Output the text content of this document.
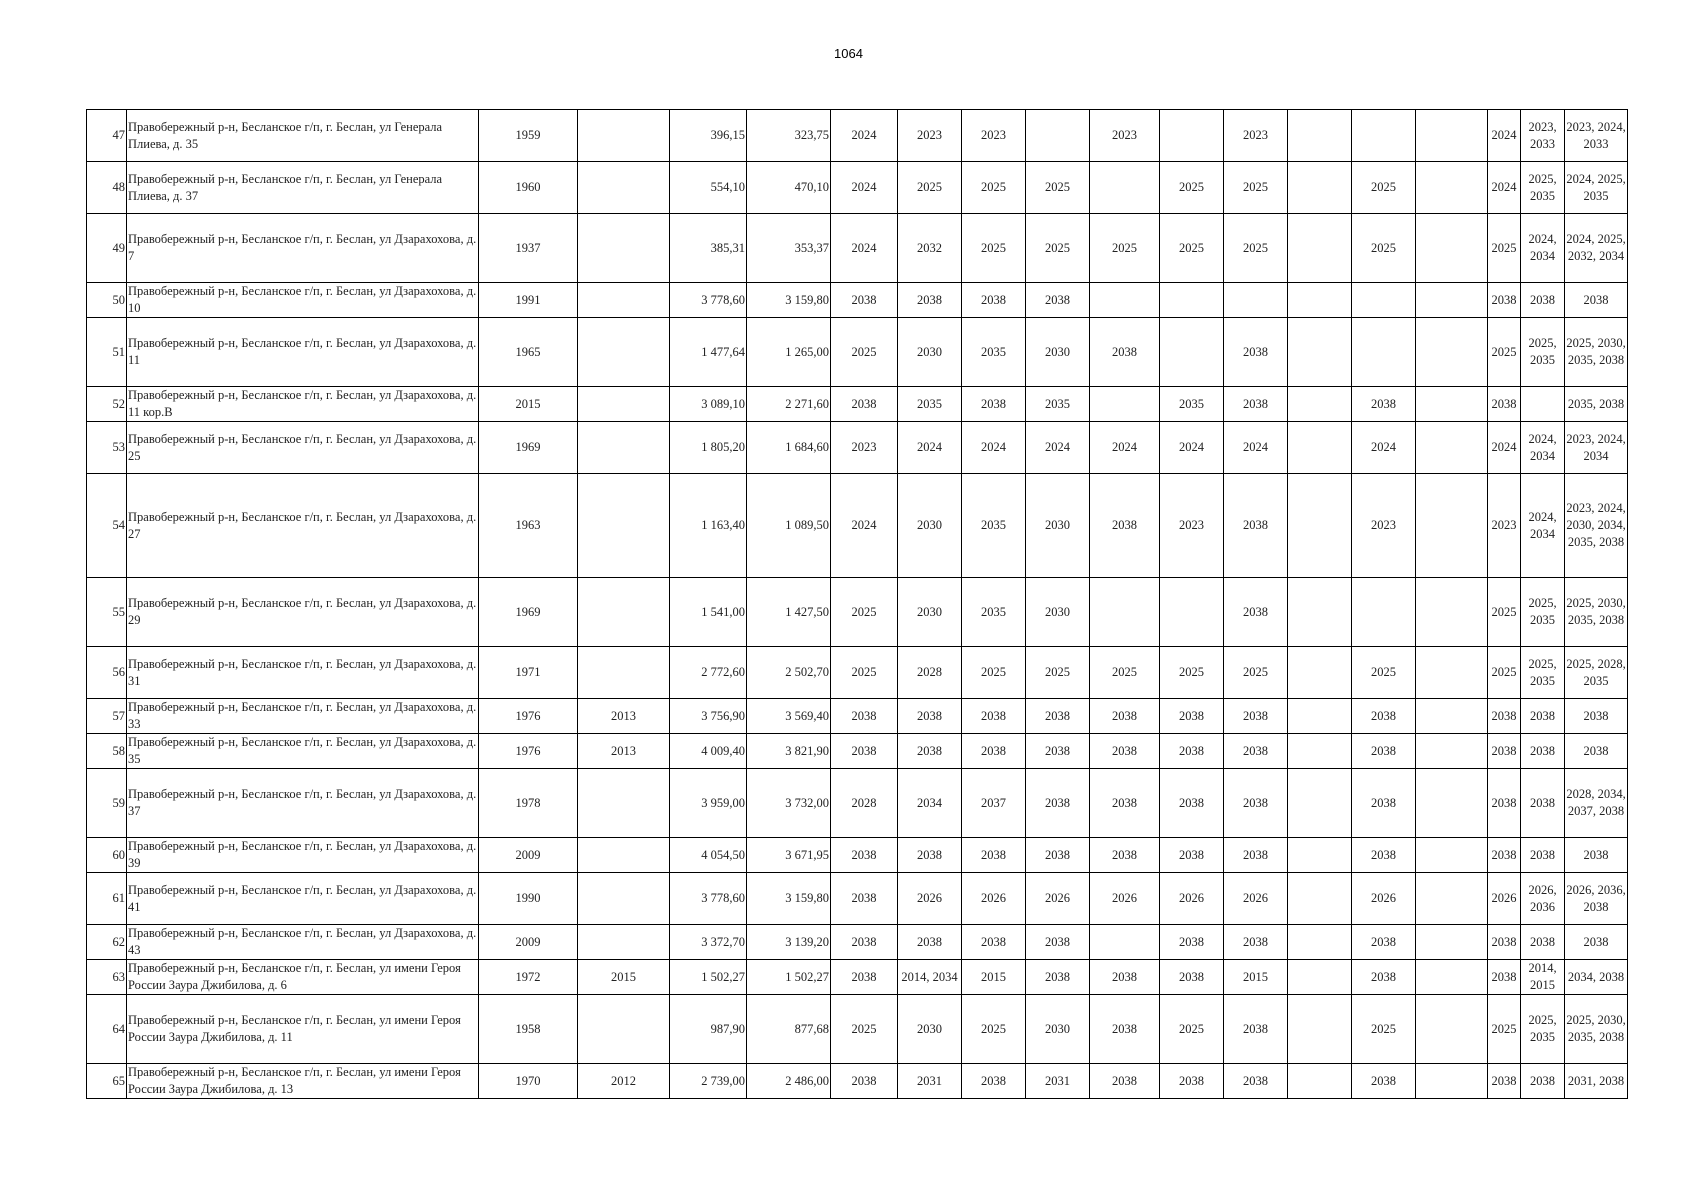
1064
47	Правобережный р-н, Бесланское г/п, г. Беслан, ул Генерала Плиева, д. 35	1959		396,15	323,75	2024	2023	2023		2023		2023				2024	2023, 2033	2023, 2024, 2033
48	Правобережный р-н, Бесланское г/п, г. Беслан, ул Генерала Плиева, д. 37	1960		554,10	470,10	2024	2025	2025	2025		2025	2025		2025		2024	2025, 2035	2024, 2025, 2035
49	Правобережный р-н, Бесланское г/п, г. Беслан, ул Дзарахохова, д. 7	1937		385,31	353,37	2024	2032	2025	2025	2025	2025	2025		2025		2025	2024, 2034	2024, 2025, 2032, 2034
50	Правобережный р-н, Бесланское г/п, г. Беслан, ул Дзарахохова, д. 10	1991		3 778,60	3 159,80	2038	2038	2038	2038							2038	2038	2038
51	Правобережный р-н, Бесланское г/п, г. Беслан, ул Дзарахохова, д. 11	1965		1 477,64	1 265,00	2025	2030	2035	2030	2038		2038				2025	2025, 2035	2025, 2030, 2035, 2038
52	Правобережный р-н, Бесланское г/п, г. Беслан, ул Дзарахохова, д. 11 кор.В	2015		3 089,10	2 271,60	2038	2035	2038	2035		2035	2038		2038		2038		2035, 2038
53	Правобережный р-н, Бесланское г/п, г. Беслан, ул Дзарахохова, д. 25	1969		1 805,20	1 684,60	2023	2024	2024	2024	2024	2024	2024		2024		2024	2024, 2034	2023, 2024, 2034
54	Правобережный р-н, Бесланское г/п, г. Беслан, ул Дзарахохова, д. 27	1963		1 163,40	1 089,50	2024	2030	2035	2030	2038	2023	2038		2023		2023	2024, 2034	2023, 2024, 2030, 2034, 2035, 2038
55	Правобережный р-н, Бесланское г/п, г. Беслан, ул Дзарахохова, д. 29	1969		1 541,00	1 427,50	2025	2030	2035	2030			2038				2025	2025, 2035	2025, 2030, 2035, 2038
56	Правобережный р-н, Бесланское г/п, г. Беслан, ул Дзарахохова, д. 31	1971		2 772,60	2 502,70	2025	2028	2025	2025	2025	2025	2025		2025		2025	2025, 2035	2025, 2028, 2035
57	Правобережный р-н, Бесланское г/п, г. Беслан, ул Дзарахохова, д. 33	1976	2013	3 756,90	3 569,40	2038	2038	2038	2038	2038	2038	2038		2038		2038	2038	2038
58	Правобережный р-н, Бесланское г/п, г. Беслан, ул Дзарахохова, д. 35	1976	2013	4 009,40	3 821,90	2038	2038	2038	2038	2038	2038	2038		2038		2038	2038	2038
59	Правобережный р-н, Бесланское г/п, г. Беслан, ул Дзарахохова, д. 37	1978		3 959,00	3 732,00	2028	2034	2037	2038	2038	2038	2038		2038		2038	2038	2028, 2034, 2037, 2038
60	Правобережный р-н, Бесланское г/п, г. Беслан, ул Дзарахохова, д. 39	2009		4 054,50	3 671,95	2038	2038	2038	2038	2038	2038	2038		2038		2038	2038	2038
61	Правобережный р-н, Бесланское г/п, г. Беслан, ул Дзарахохова, д. 41	1990		3 778,60	3 159,80	2038	2026	2026	2026	2026	2026	2026		2026		2026	2026, 2036	2026, 2036, 2038
62	Правобережный р-н, Бесланское г/п, г. Беслан, ул Дзарахохова, д. 43	2009		3 372,70	3 139,20	2038	2038	2038	2038		2038	2038		2038		2038	2038	2038
63	Правобережный р-н, Бесланское г/п, г. Беслан, ул имени Героя России Заура Джибилова, д. 6	1972	2015	1 502,27	1 502,27	2038	2014, 2034	2015	2038	2038	2038	2015		2038		2038	2014, 2015	2034, 2038
64	Правобережный р-н, Бесланское г/п, г. Беслан, ул имени Героя России Заура Джибилова, д. 11	1958		987,90	877,68	2025	2030	2025	2030	2038	2025	2038		2025		2025	2025, 2035	2025, 2030, 2035, 2038
65	Правобережный р-н, Бесланское г/п, г. Беслан, ул имени Героя России Заура Джибилова, д. 13	1970	2012	2 739,00	2 486,00	2038	2031	2038	2031	2038	2038	2038		2038		2038	2038	2031, 2038
